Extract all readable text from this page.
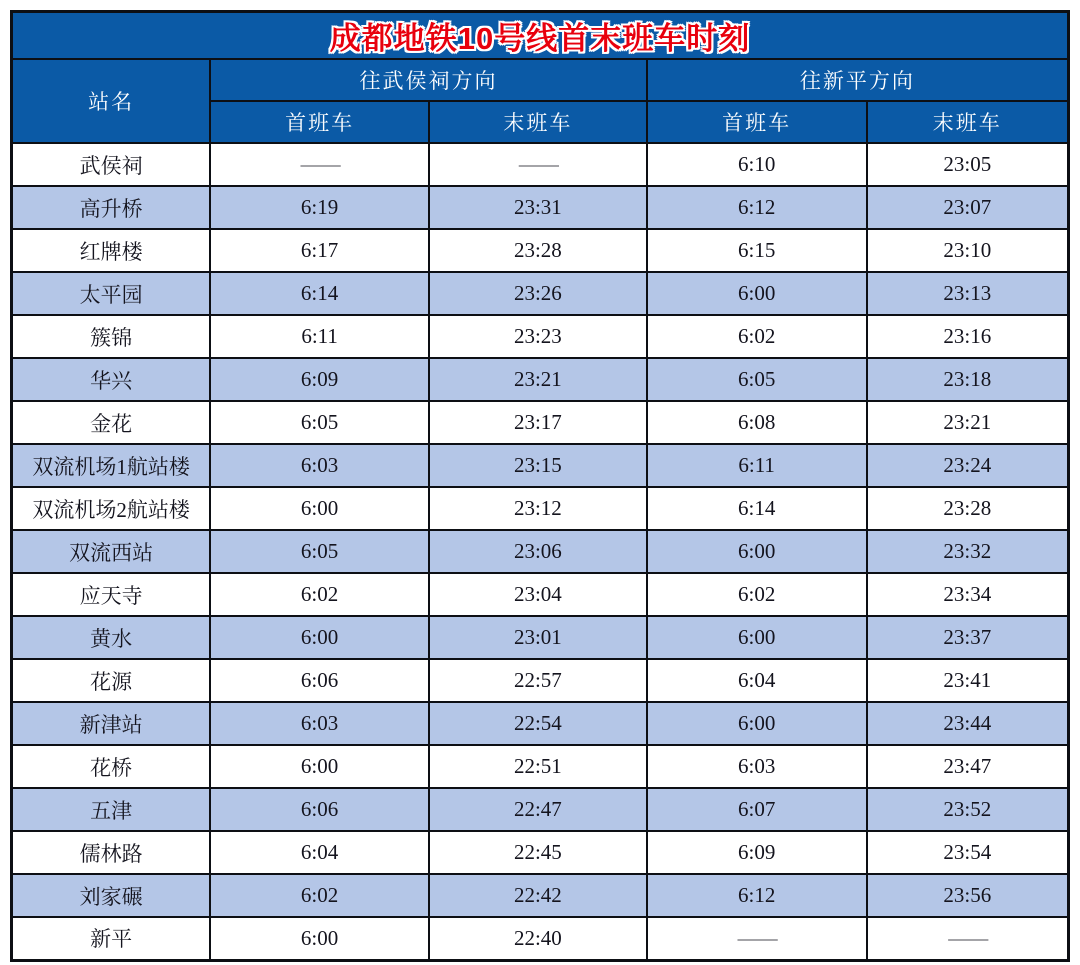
成都地铁10号线首末班车时刻				
站名	往武侯祠方向		往新平方向	
	首班车	末班车	首班车	末班车
武侯祠	——	——	6:10	23:05
高升桥	6:19	23:31	6:12	23:07
红牌楼	6:17	23:28	6:15	23:10
太平园	6:14	23:26	6:00	23:13
簇锦	6:11	23:23	6:02	23:16
华兴	6:09	23:21	6:05	23:18
金花	6:05	23:17	6:08	23:21
双流机场1航站楼	6:03	23:15	6:11	23:24
双流机场2航站楼	6:00	23:12	6:14	23:28
双流西站	6:05	23:06	6:00	23:32
应天寺	6:02	23:04	6:02	23:34
黄水	6:00	23:01	6:00	23:37
花源	6:06	22:57	6:04	23:41
新津站	6:03	22:54	6:00	23:44
花桥	6:00	22:51	6:03	23:47
五津	6:06	22:47	6:07	23:52
儒林路	6:04	22:45	6:09	23:54
刘家碾	6:02	22:42	6:12	23:56
新平	6:00	22:40	——	——
